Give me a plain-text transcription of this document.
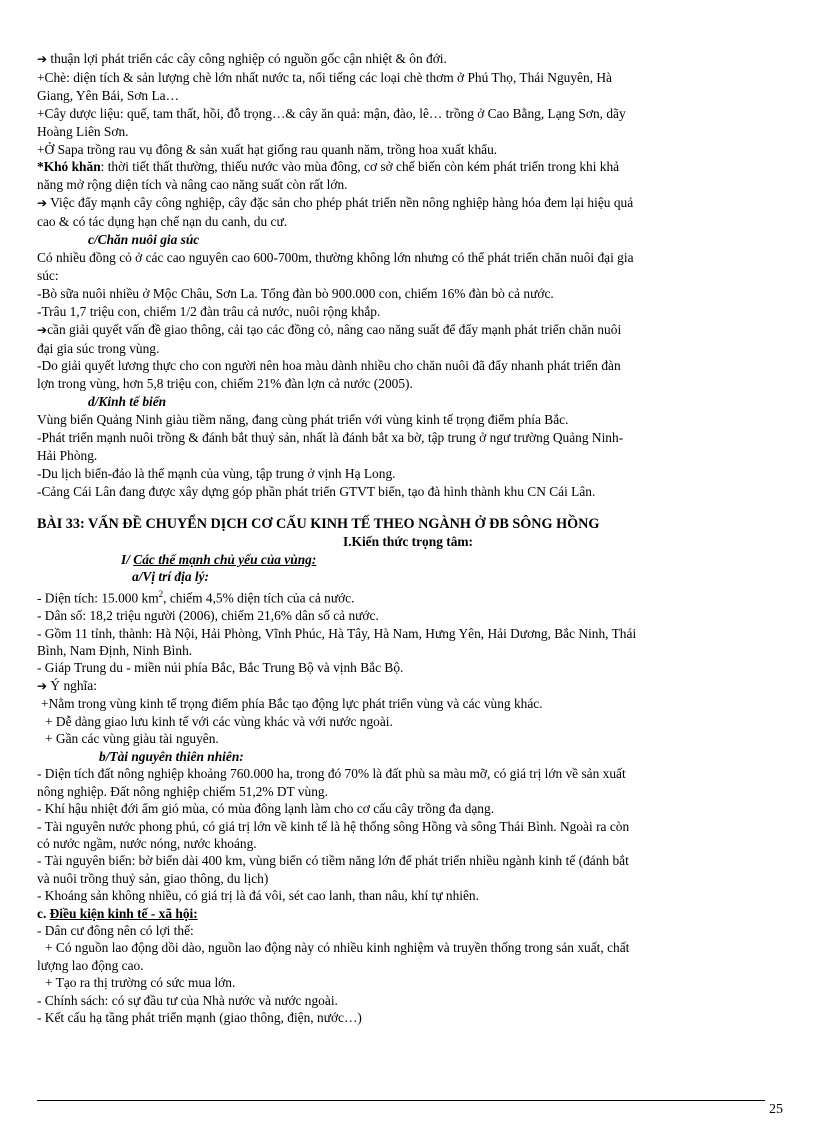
➔ thuận lợi phát triển các cây công nghiệp có nguồn gốc cận nhiệt & ôn đới.
+Chè: diện tích & sản lượng chè lớn nhất nước ta, nổi tiếng các loại chè thơm ở Phú Thọ, Thái Nguyên, Hà
Giang, Yên Bái, Sơn La…
+Cây dược liệu: quế, tam thất, hồi, đỗ trọng…& cây ăn quả: mận, đào, lê… trồng ở Cao Bằng, Lạng Sơn, dãy
Hoàng Liên Sơn.
+Ở Sapa trồng rau vụ đông & sản xuất hạt giống rau quanh năm, trồng hoa xuất khẩu.
*Khó khăn: thời tiết thất thường, thiếu nước vào mùa đông, cơ sở chế biến còn kém phát triển trong khi khả
năng mở rộng diện tích và nâng cao năng suất còn rất lớn.
➔ Việc đẩy mạnh cây công nghiệp, cây đặc sản cho phép phát triển nền nông nghiệp hàng hóa đem lại hiệu quả
cao & có tác dụng hạn chế nạn du canh, du cư.
c/Chăn nuôi gia súc
Có nhiều đồng cỏ ở các cao nguyên cao 600-700m, thường không lớn nhưng có thể phát triển chăn nuôi đại gia
súc:
-Bò sữa nuôi nhiều ở Mộc Châu, Sơn La. Tổng đàn bò 900.000 con, chiếm 16% đàn bò cả nước.
-Trâu 1,7 triệu con, chiếm 1/2 đàn trâu cả nước, nuôi rộng khắp.
➔cần giải quyết vấn đề giao thông, cải tạo các đồng cỏ, nâng cao năng suất để đẩy mạnh phát triển chăn nuôi
đại gia súc trong vùng.
-Do giải quyết lương thực cho con người nên hoa màu dành nhiều cho chăn nuôi đã đẩy nhanh phát triển đàn
lợn trong vùng, hơn 5,8 triệu con, chiếm 21% đàn lợn cả nước (2005).
d/Kinh tế biển
Vùng biển Quảng Ninh giàu tiềm năng, đang cùng phát triển với vùng kinh tế trọng điểm phía Bắc.
-Phát triển mạnh nuôi trồng & đánh bắt thuỷ sản, nhất là đánh bắt xa bờ, tập trung ở ngư trường Quảng Ninh-
Hải Phòng.
-Du lịch biển-đảo là thế mạnh của vùng, tập trung ở vịnh Hạ Long.
-Cảng Cái Lân đang được xây dựng góp phần phát triển GTVT biển, tạo đà hình thành khu CN Cái Lân.
BÀI 33: VẤN ĐỀ CHUYỂN DỊCH CƠ CẤU KINH TẾ THEO NGÀNH Ở ĐB SÔNG HỒNG
I.Kiến thức trọng tâm:
I/ Các thế mạnh chủ yếu của vùng:
a/Vị trí địa lý:
- Diện tích: 15.000 $km^2$, chiếm 4,5% diện tích của cả nước.
- Dân số: 18,2 triệu người (2006), chiếm 21,6% dân số cả nước.
- Gồm 11 tỉnh, thành: Hà Nội, Hải Phòng, Vĩnh Phúc, Hà Tây, Hà Nam, Hưng Yên, Hải Dương, Bắc Ninh, Thái
Bình, Nam Định, Ninh Bình.
- Giáp Trung du - miền núi phía Bắc, Bắc Trung Bộ và vịnh Bắc Bộ.
➔ Ý nghĩa:
+Nằm trong vùng kinh tế trọng điểm phía Bắc tạo động lực phát triển vùng và các vùng khác.
+ Dễ dàng giao lưu kinh tế với các vùng khác và với nước ngoài.
+ Gần các vùng giàu tài nguyên.
b/Tài nguyên thiên nhiên:
- Diện tích đất nông nghiệp khoảng 760.000 ha, trong đó 70% là đất phù sa màu mỡ, có giá trị lớn về sản xuất
nông nghiệp. Đất nông nghiệp chiếm 51,2% DT vùng.
- Khí hậu nhiệt đới ẩm gió mùa, có mùa đông lạnh làm cho cơ cấu cây trồng đa dạng.
- Tài nguyên nước phong phú, có giá trị lớn về kinh tế là hệ thống sông Hồng và sông Thái Bình. Ngoài ra còn
có nước ngầm, nước nóng, nước khoáng.
- Tài nguyên biển: bờ biển dài 400 km, vùng biển có tiềm năng lớn để phát triển nhiều ngành kinh tế (đánh bắt
và nuôi trồng thuỷ sản, giao thông, du lịch)
- Khoáng sản không nhiều, có giá trị là đá vôi, sét cao lanh, than nâu, khí tự nhiên.
c. Điều kiện kinh tế - xã hội:
- Dân cư đông nên có lợi thế:
+ Có nguồn lao động dồi dào, nguồn lao động này có nhiều kinh nghiệm và truyền thống trong sản xuất, chất
lượng lao động cao.
+ Tạo ra thị trường có sức mua lớn.
- Chính sách: có sự đầu tư của Nhà nước và nước ngoài.
- Kết cấu hạ tầng phát triển mạnh (giao thông, điện, nước…)
25
